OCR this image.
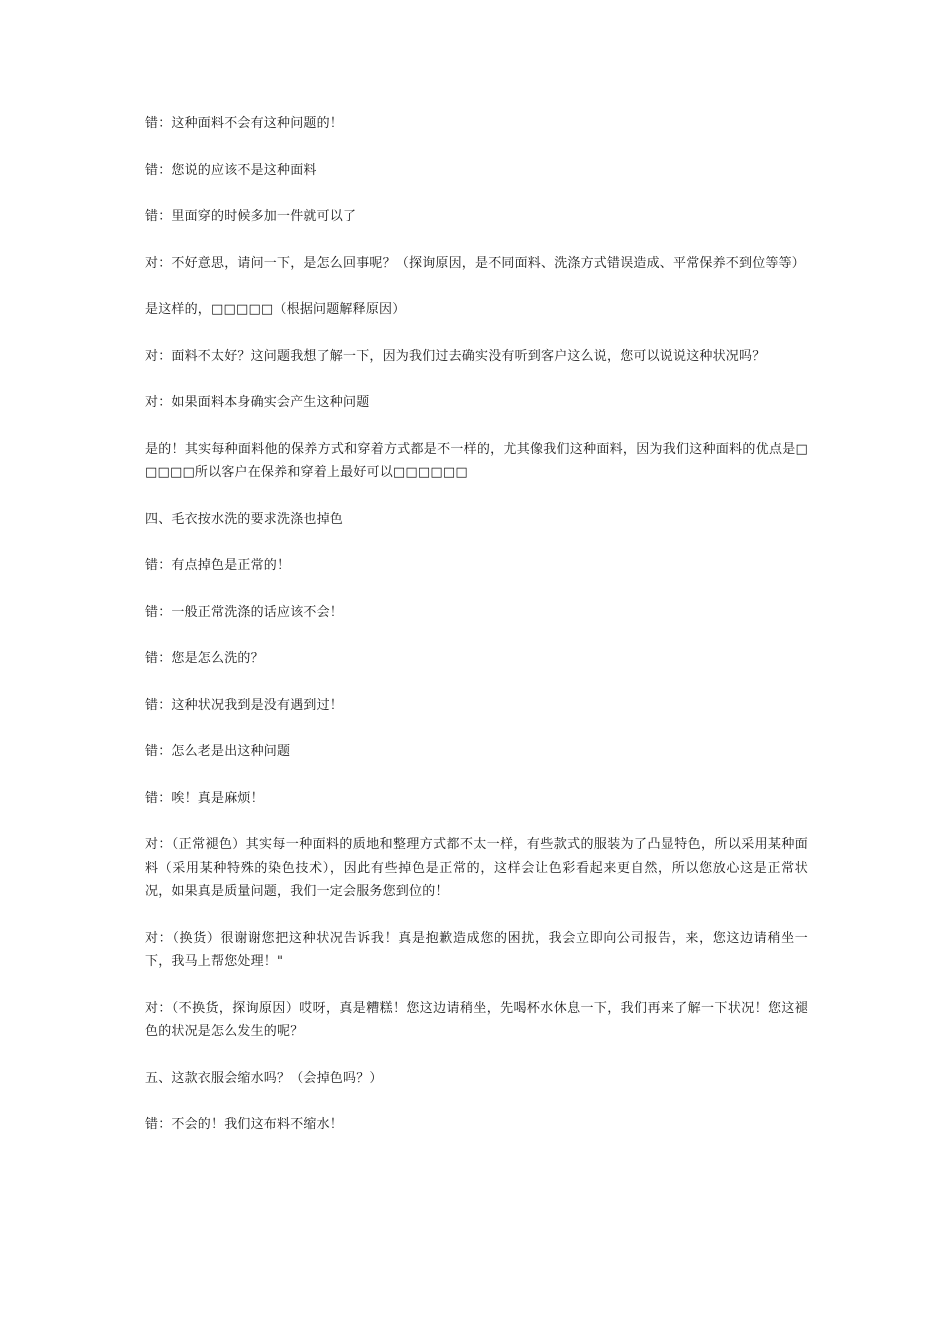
错：这种面料不会有这种问题的！

错：您说的应该不是这种面料

错：里面穿的时候多加一件就可以了

对：不好意思，请问一下，是怎么回事呢？（探询原因，是不同面料、洗涤方式错误造成、平常保养不到位等等）

是这样的，□□□□□（根据问题解释原因）

对：面料不太好？这问题我想了解一下，因为我们过去确实没有听到客户这么说，您可以说说这种状况吗？

对：如果面料本身确实会产生这种问题

是的！其实每种面料他的保养方式和穿着方式都是不一样的，尤其像我们这种面料，因为我们这种面料的优点是□□□□□所以客户在保养和穿着上最好可以□□□□□□

四、毛衣按水洗的要求洗涤也掉色

错：有点掉色是正常的！

错：一般正常洗涤的话应该不会！

错：您是怎么洗的？

错：这种状况我到是没有遇到过！

错：怎么老是出这种问题

错：唉！真是麻烦！

对：（正常褪色）其实每一种面料的质地和整理方式都不太一样，有些款式的服装为了凸显特色，所以采用某种面料（采用某种特殊的染色技术），因此有些掉色是正常的，这样会让色彩看起来更自然，所以您放心这是正常状况，如果真是质量问题，我们一定会服务您到位的！

对：（换货）很谢谢您把这种状况告诉我！真是抱歉造成您的困扰，我会立即向公司报告，来，您这边请稍坐一下，我马上帮您处理！"

对：（不换货，探询原因）哎呀，真是糟糕！您这边请稍坐，先喝杯水休息一下，我们再来了解一下状况！您这褪色的状况是怎么发生的呢？

五、这款衣服会缩水吗？（会掉色吗？）

错：不会的！我们这布料不缩水！
